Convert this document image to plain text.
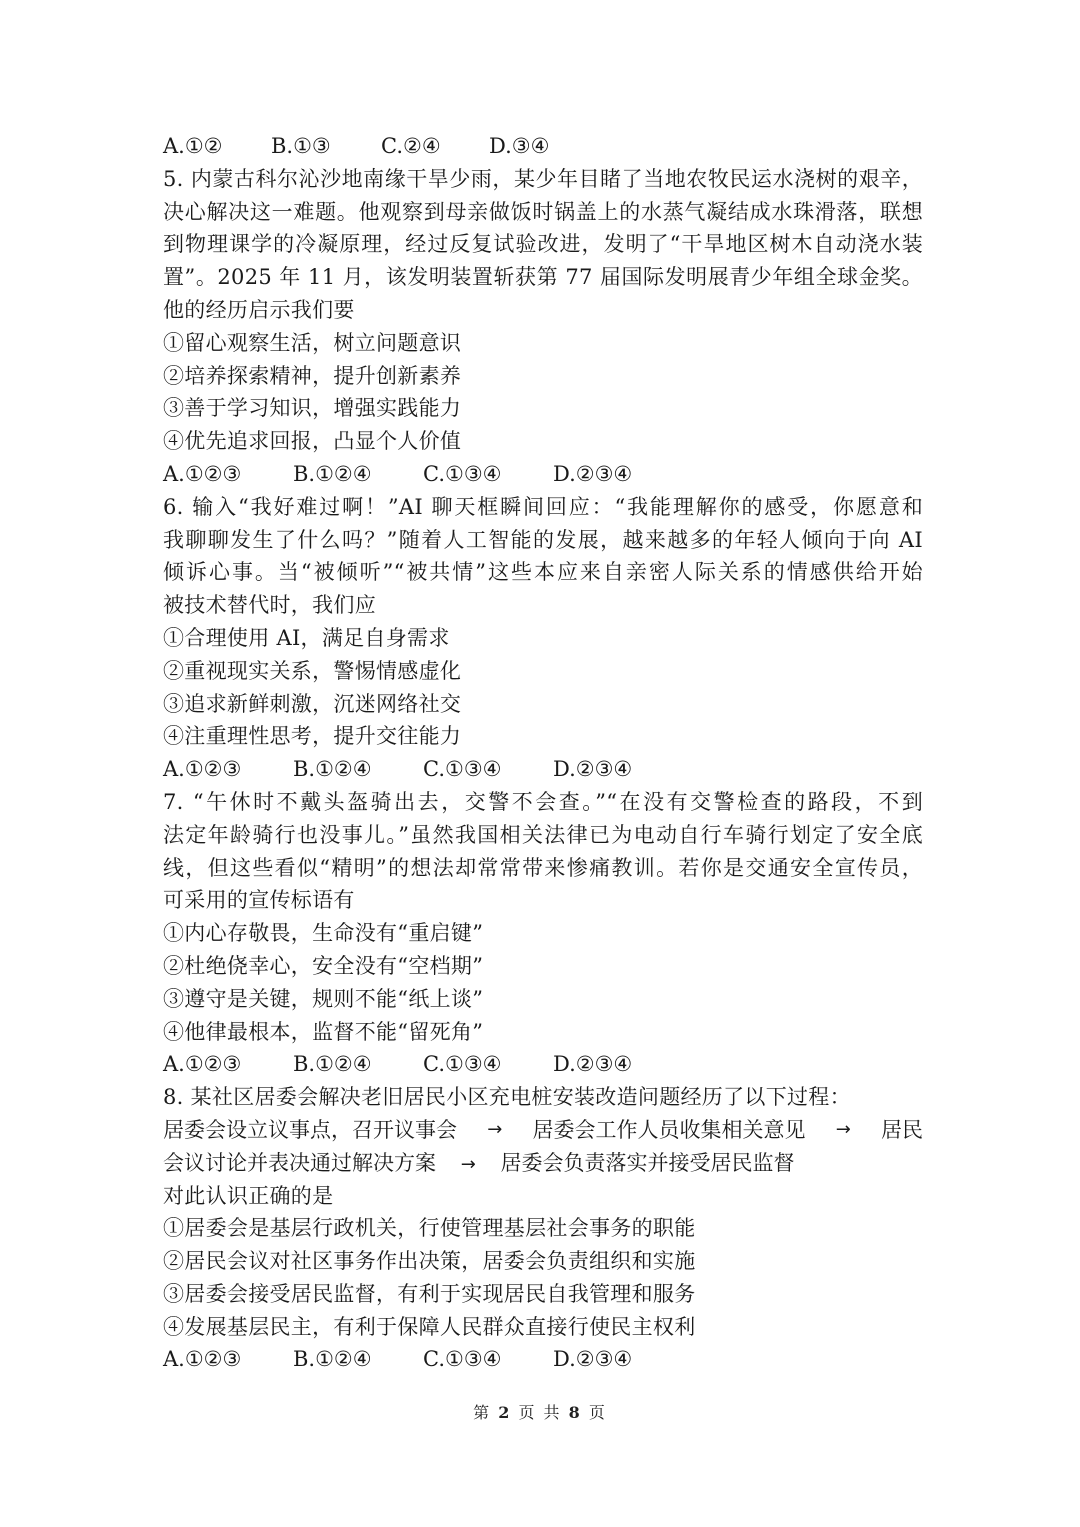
A.①②	B.①③	C.②④	D.③④
5. 内蒙古科尔沁沙地南缘干旱少雨，某少年目睹了当地农牧民运水浇树的艰辛，
决心解决这一难题。他观察到母亲做饭时锅盖上的水蒸气凝结成水珠滑落，联想
到物理课学的冷凝原理，经过反复试验改进，发明了“干旱地区树木自动浇水装
置”。2025 年 11 月，该发明装置斩获第 77 届国际发明展青少年组全球金奖。
他的经历启示我们要
①留心观察生活，树立问题意识
②培养探索精神，提升创新素养
③善于学习知识，增强实践能力
④优先追求回报，凸显个人价值
A.①②③	B.①②④	C.①③④	D.②③④
6. 输入“我好难过啊！”AI 聊天框瞬间回应：“我能理解你的感受，你愿意和
我聊聊发生了什么吗？”随着人工智能的发展，越来越多的年轻人倾向于向 AI
倾诉心事。当“被倾听”“被共情”这些本应来自亲密人际关系的情感供给开始
被技术替代时，我们应
①合理使用 AI，满足自身需求
②重视现实关系，警惕情感虚化
③追求新鲜刺激，沉迷网络社交
④注重理性思考，提升交往能力
A.①②③	B.①②④	C.①③④	D.②③④
7. “午休时不戴头盔骑出去，交警不会查。”“在没有交警检查的路段，不到
法定年龄骑行也没事儿。”虽然我国相关法律已为电动自行车骑行划定了安全底
线，但这些看似“精明”的想法却常常带来惨痛教训。若你是交通安全宣传员，
可采用的宣传标语有
①内心存敬畏，生命没有“重启键”
②杜绝侥幸心，安全没有“空档期”
③遵守是关键，规则不能“纸上谈”
④他律最根本，监督不能“留死角”
A.①②③	B.①②④	C.①③④	D.②③④
8. 某社区居委会解决老旧居民小区充电桩安装改造问题经历了以下过程：
居委会设立议事点，召开议事会 → 居委会工作人员收集相关意见 → 居民
会议讨论并表决通过解决方案 → 居委会负责落实并接受居民监督
对此认识正确的是
①居委会是基层行政机关，行使管理基层社会事务的职能
②居民会议对社区事务作出决策，居委会负责组织和实施
③居委会接受居民监督，有利于实现居民自我管理和服务
④发展基层民主，有利于保障人民群众直接行使民主权利
A.①②③	B.①②④	C.①③④	D.②③④
第 2 页 共 8 页
